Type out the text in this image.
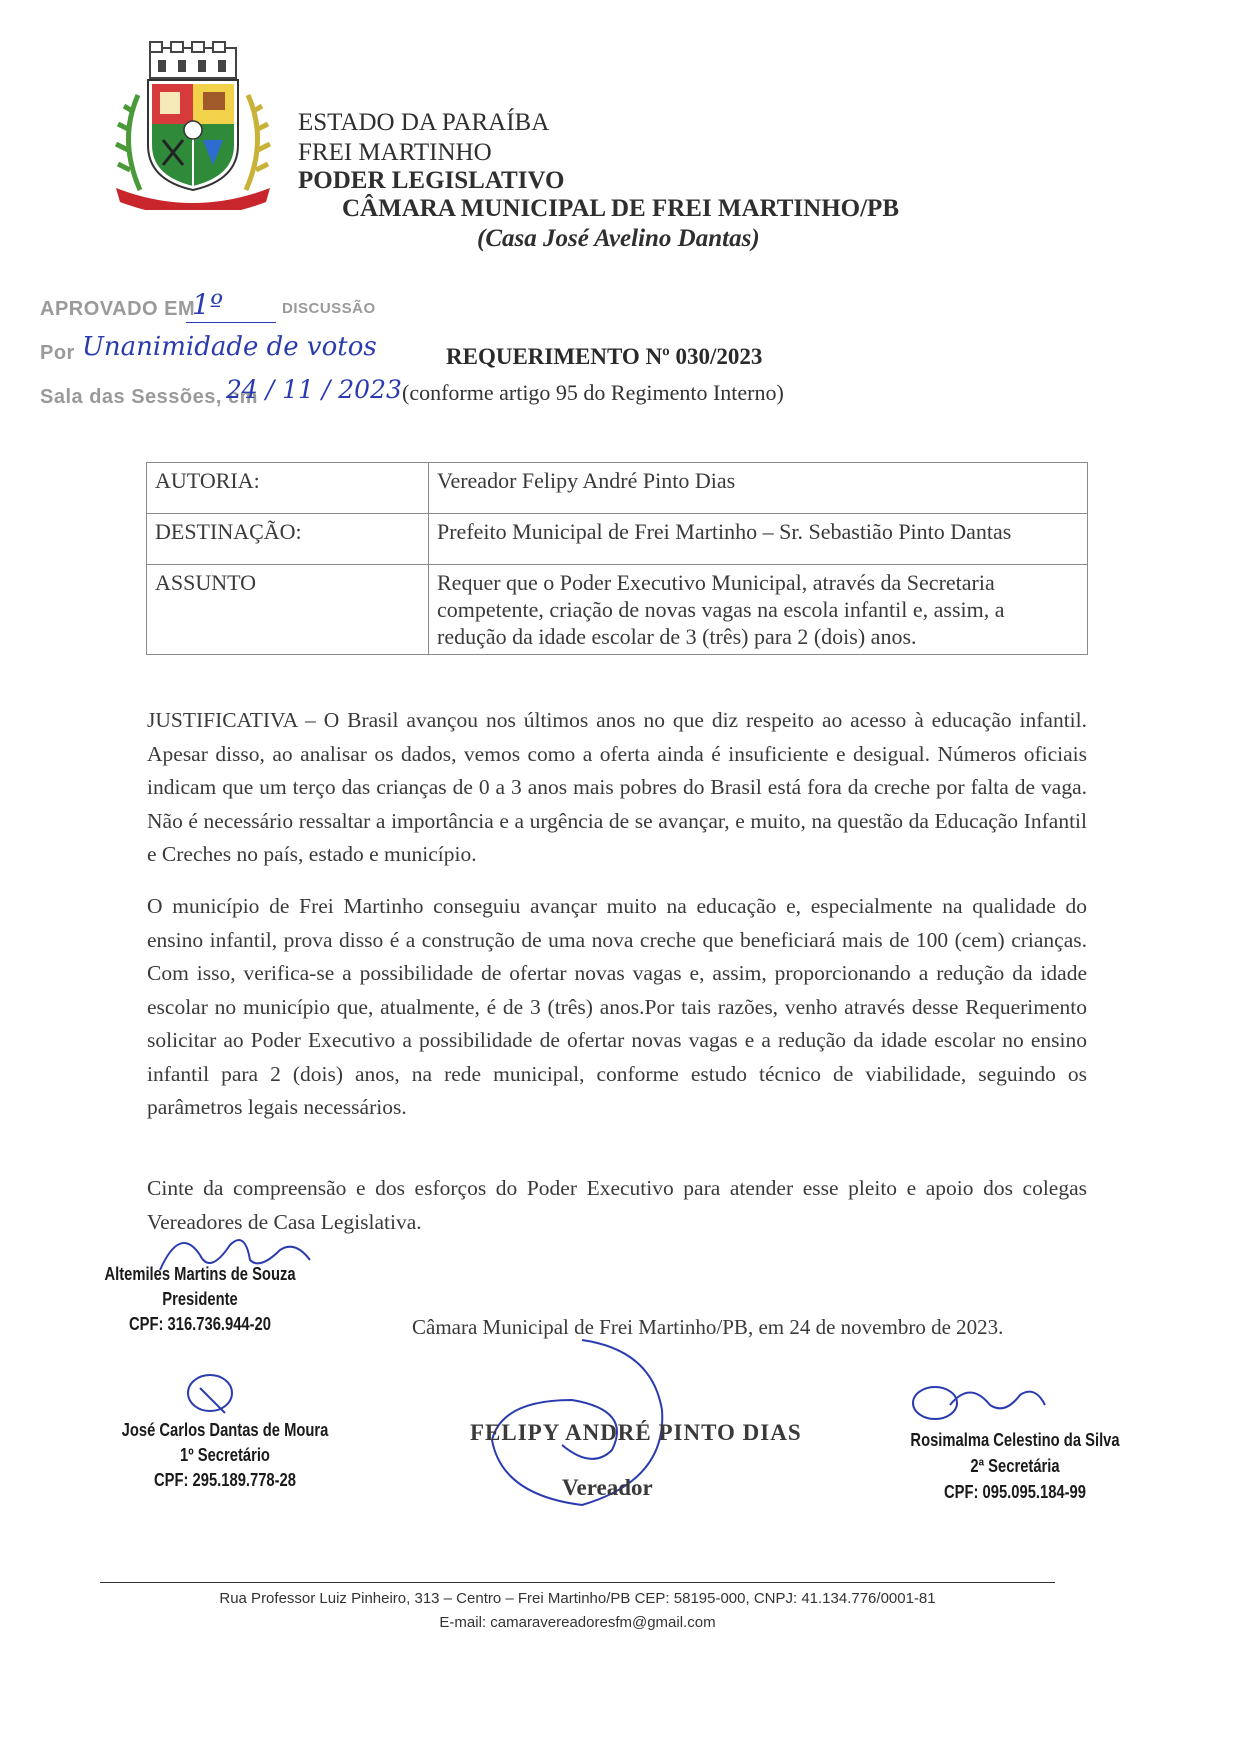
ESTADO DA PARAÍBA
FREI MARTINHO
PODER LEGISLATIVO
CÂMARA MUNICIPAL DE FREI MARTINHO/PB
(Casa José Avelino Dantas)
APROVADO EM
1º	DISCUSSÃO
Por Unanimidade de votos
Sala das Sessões, em
24 / 11 / 2023
REQUERIMENTO Nº 030/2023
(conforme artigo 95 do Regimento Interno)
AUTORIA:	Vereador Felipy André Pinto Dias
DESTINAÇÃO:	Prefeito Municipal de Frei Martinho – Sr. Sebastião Pinto Dantas
ASSUNTO	Requer que o Poder Executivo Municipal, através da Secretaria competente, criação de novas vagas na escola infantil e, assim, a redução da idade escolar de 3 (três) para 2 (dois) anos.
JUSTIFICATIVA – O Brasil avançou nos últimos anos no que diz respeito ao acesso à educação infantil. Apesar disso, ao analisar os dados, vemos como a oferta ainda é insuficiente e desigual. Números oficiais indicam que um terço das crianças de 0 a 3 anos mais pobres do Brasil está fora da creche por falta de vaga. Não é necessário ressaltar a importância e a urgência de se avançar, e muito, na questão da Educação Infantil e Creches no país, estado e município.
O município de Frei Martinho conseguiu avançar muito na educação e, especialmente na qualidade do ensino infantil, prova disso é a construção de uma nova creche que beneficiará mais de 100 (cem) crianças. Com isso, verifica-se a possibilidade de ofertar novas vagas e, assim, proporcionando a redução da idade escolar no município que, atualmente, é de 3 (três) anos.Por tais razões, venho através desse Requerimento solicitar ao Poder Executivo a possibilidade de ofertar novas vagas e a redução da idade escolar no ensino infantil para 2 (dois) anos, na rede municipal, conforme estudo técnico de viabilidade, seguindo os parâmetros legais necessários.
Cinte da compreensão e dos esforços do Poder Executivo para atender esse pleito e apoio dos colegas Vereadores de Casa Legislativa.
Altemiles Martins de Souza
Presidente
CPF: 316.736.944-20	Câmara Municipal de Frei Martinho/PB, em 24 de novembro de 2023.
José Carlos Dantas de Moura
1º Secretário
CPF: 295.189.778-28
FELIPY ANDRÉ PINTO DIAS
Vereador
Rosimalma Celestino da Silva
2ª Secretária
CPF: 095.095.184-99
Rua Professor Luiz Pinheiro, 313 – Centro – Frei Martinho/PB CEP: 58195-000, CNPJ: 41.134.776/0001-81
E-mail: camaravereadoresfm@gmail.com
